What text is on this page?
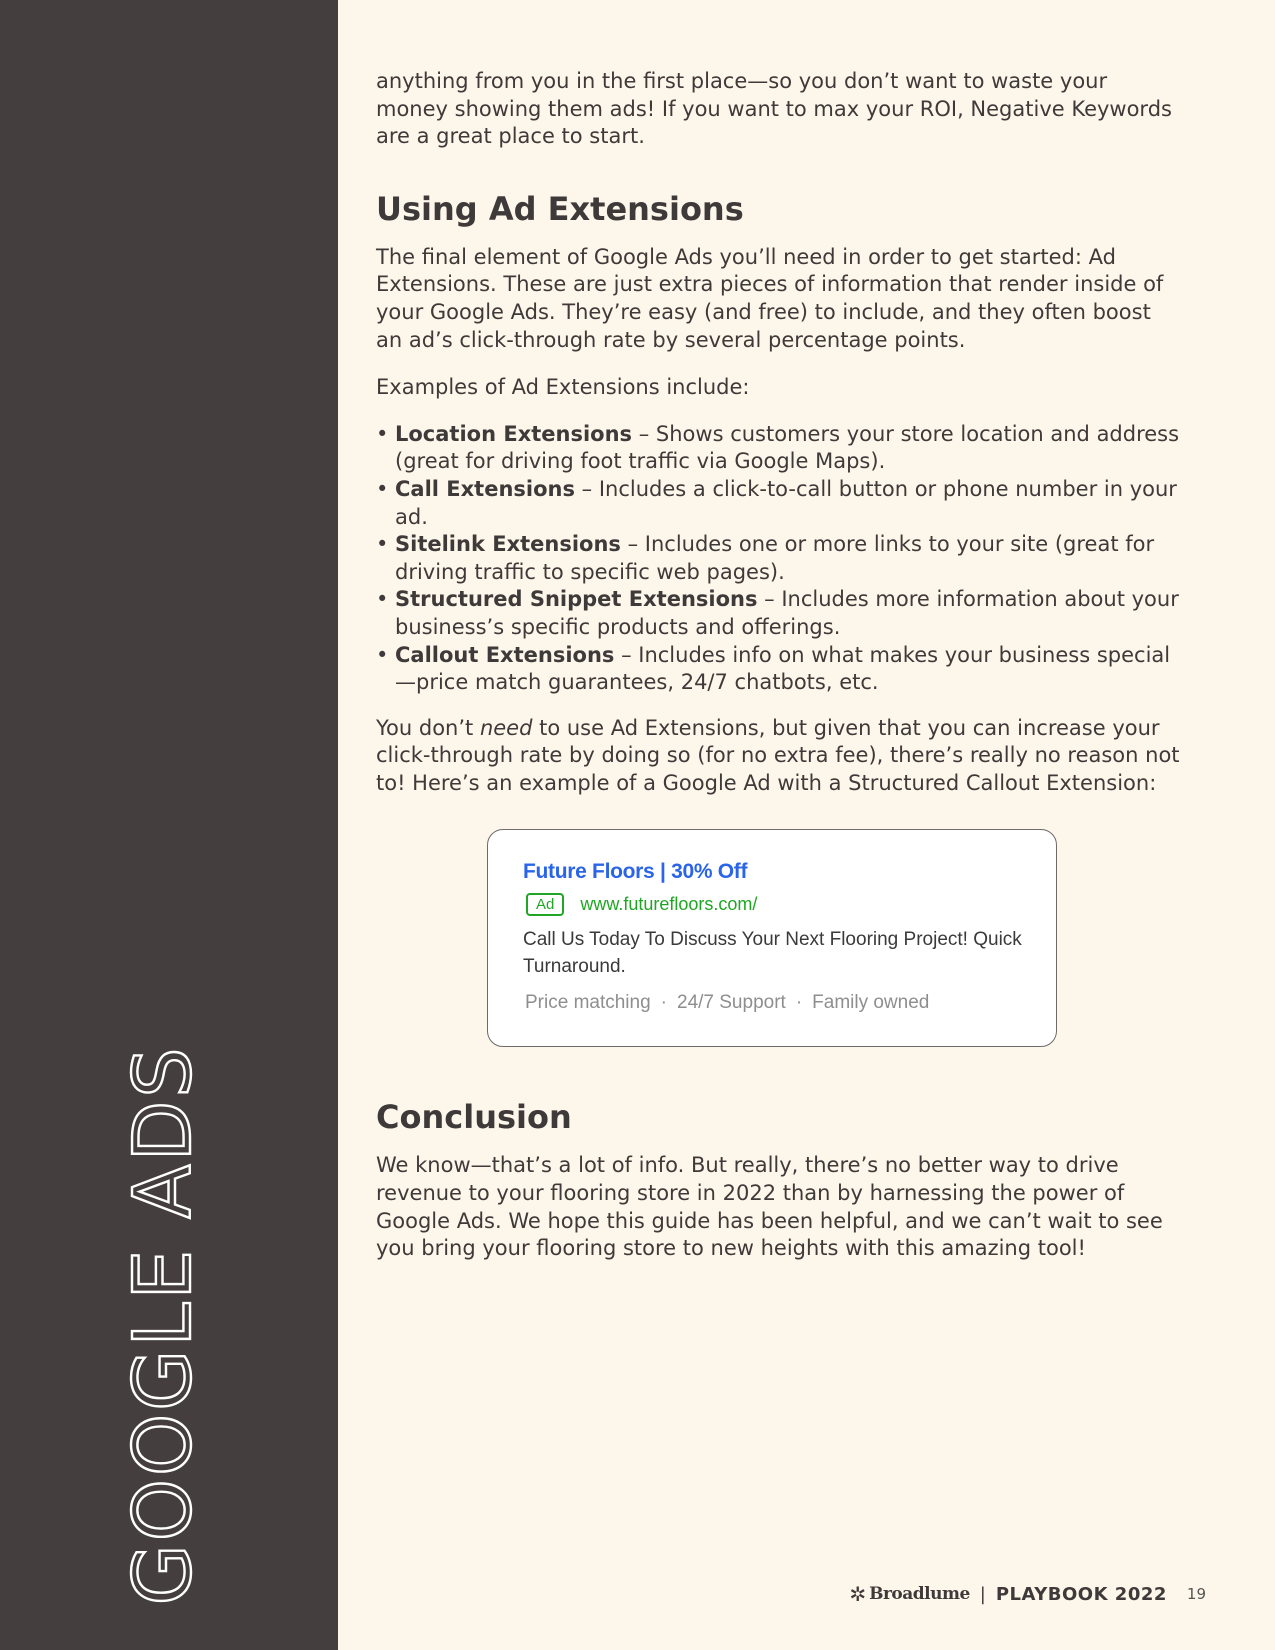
GOOGLE ADS

anything from you in the first place—so you don’t want to waste your money showing them ads! If you want to max your ROI, Negative Keywords are a great place to start.

Using Ad Extensions

The final element of Google Ads you’ll need in order to get started: Ad Extensions. These are just extra pieces of information that render inside of your Google Ads. They’re easy (and free) to include, and they often boost an ad’s click-through rate by several percentage points.

Examples of Ad Extensions include:

• Location Extensions – Shows customers your store location and address (great for driving foot traffic via Google Maps).
• Call Extensions – Includes a click-to-call button or phone number in your ad.
• Sitelink Extensions – Includes one or more links to your site (great for driving traffic to specific web pages).
• Structured Snippet Extensions – Includes more information about your business’s specific products and offerings.
• Callout Extensions – Includes info on what makes your business special—price match guarantees, 24/7 chatbots, etc.

You don’t need to use Ad Extensions, but given that you can increase your click-through rate by doing so (for no extra fee), there’s really no reason not to! Here’s an example of a Google Ad with a Structured Callout Extension:

Future Floors | 30% Off
Ad	www.futurefloors.com/
Call Us Today To Discuss Your Next Flooring Project! Quick Turnaround.
Price matching · 24/7 Support · Family owned
Conclusion

We know—that’s a lot of info. But really, there’s no better way to drive revenue to your flooring store in 2022 than by harnessing the power of Google Ads. We hope this guide has been helpful, and we can’t wait to see you bring your flooring store to new heights with this amazing tool!

✲ Broadlume | PLAYBOOK 2022 19
